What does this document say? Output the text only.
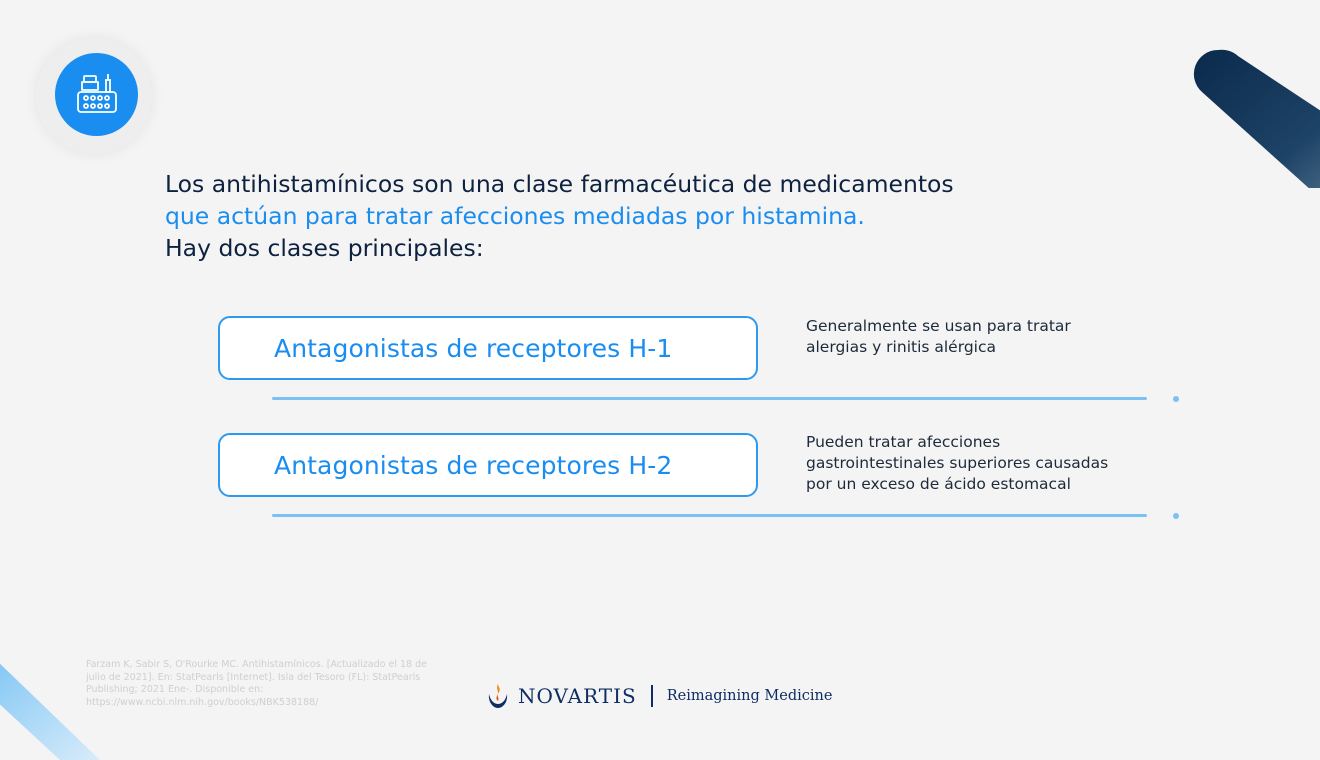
Los antihistamínicos son una clase farmacéutica de medicamentos
que actúan para tratar afecciones mediadas por histamina.
Hay dos clases principales:
Antagonistas de receptores H-1
Generalmente se usan para tratar alergias y rinitis alérgica
Antagonistas de receptores H-2
Pueden tratar afecciones gastrointestinales superiores causadas por un exceso de ácido estomacal
Farzam K, Sabir S, O'Rourke MC. Antihistamínicos. [Actualizado el 18 de julio de 2021]. En: StatPearls [Internet]. Isla del Tesoro (FL): StatPearls Publishing; 2021 Ene-. Disponible en: https://www.ncbi.nlm.nih.gov/books/NBK538188/	NOVARTIS Reimagining Medicine
